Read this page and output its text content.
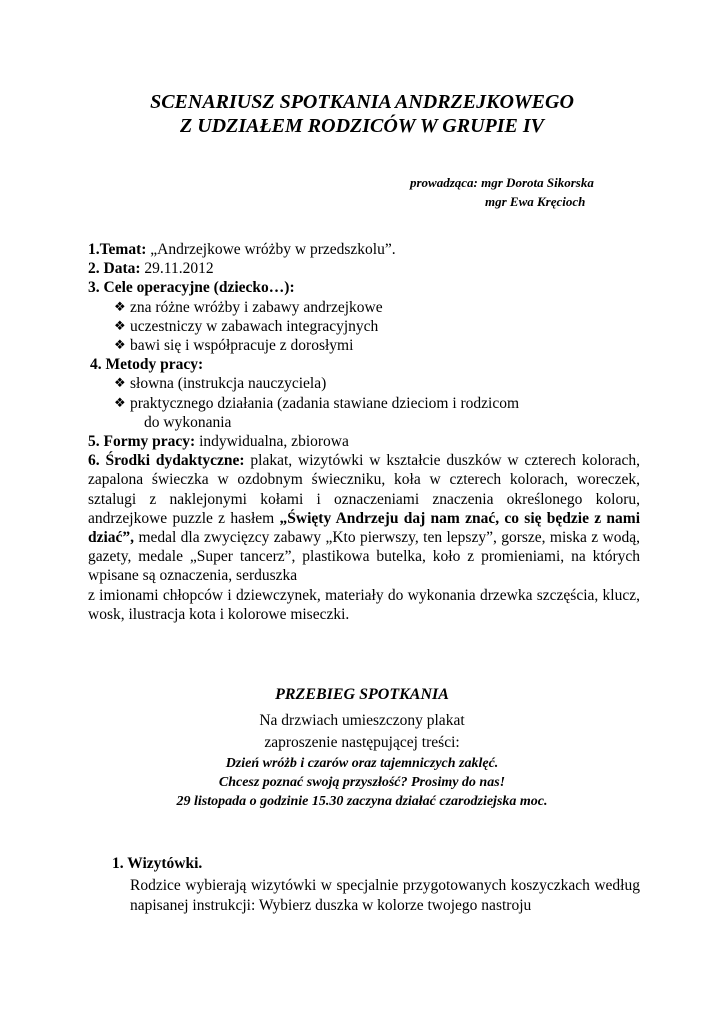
SCENARIUSZ SPOTKANIA ANDRZEJKOWEGO
Z UDZIAŁEM RODZICÓW W GRUPIE IV
prowadząca: mgr Dorota Sikorska
mgr Ewa Kręcioch

1.Temat: „Andrzejkowe wróżby w przedszkolu”.

2. Data: 29.11.2012

3. Cele operacyjne (dziecko…):

❖ zna różne wróżby i zabawy andrzejkowe
❖ uczestniczy w zabawach integracyjnych
❖ bawi się i współpracuje z dorosłymi

4. Metody pracy:

❖ słowna (instrukcja nauczyciela)
❖ praktycznego działania (zadania stawiane dzieciom i rodzicom
do wykonania

5. Formy pracy: indywidualna, zbiorowa

6. Środki dydaktyczne: plakat, wizytówki w kształcie duszków w czterech kolorach, zapalona świeczka w ozdobnym świeczniku, koła w czterech kolorach, woreczek, sztalugi z naklejonymi kołami i oznaczeniami znaczenia określonego koloru, andrzejkowe puzzle z hasłem „Święty Andrzeju daj nam znać, co się będzie z nami dziać”, medal dla zwycięzcy zabawy „Kto pierwszy, ten lepszy”, gorsze, miska z wodą, gazety, medale „Super tancerz”, plastikowa butelka, koło z promieniami, na których wpisane są oznaczenia, serduszka

z imionami chłopców i dziewczynek, materiały do wykonania drzewka szczęścia, klucz, wosk, ilustracja kota i kolorowe miseczki.

PRZEBIEG SPOTKANIA
Na drzwiach umieszczony plakat
zaproszenie następującej treści:
Dzień wróżb i czarów oraz tajemniczych zaklęć.
Chcesz poznać swoją przyszłość? Prosimy do nas!
29 listopada o godzinie 15.30 zaczyna działać czarodziejska moc.
1. Wizytówki.
Rodzice wybierają wizytówki w specjalnie przygotowanych koszyczkach według napisanej instrukcji: Wybierz duszka w kolorze twojego nastroju
